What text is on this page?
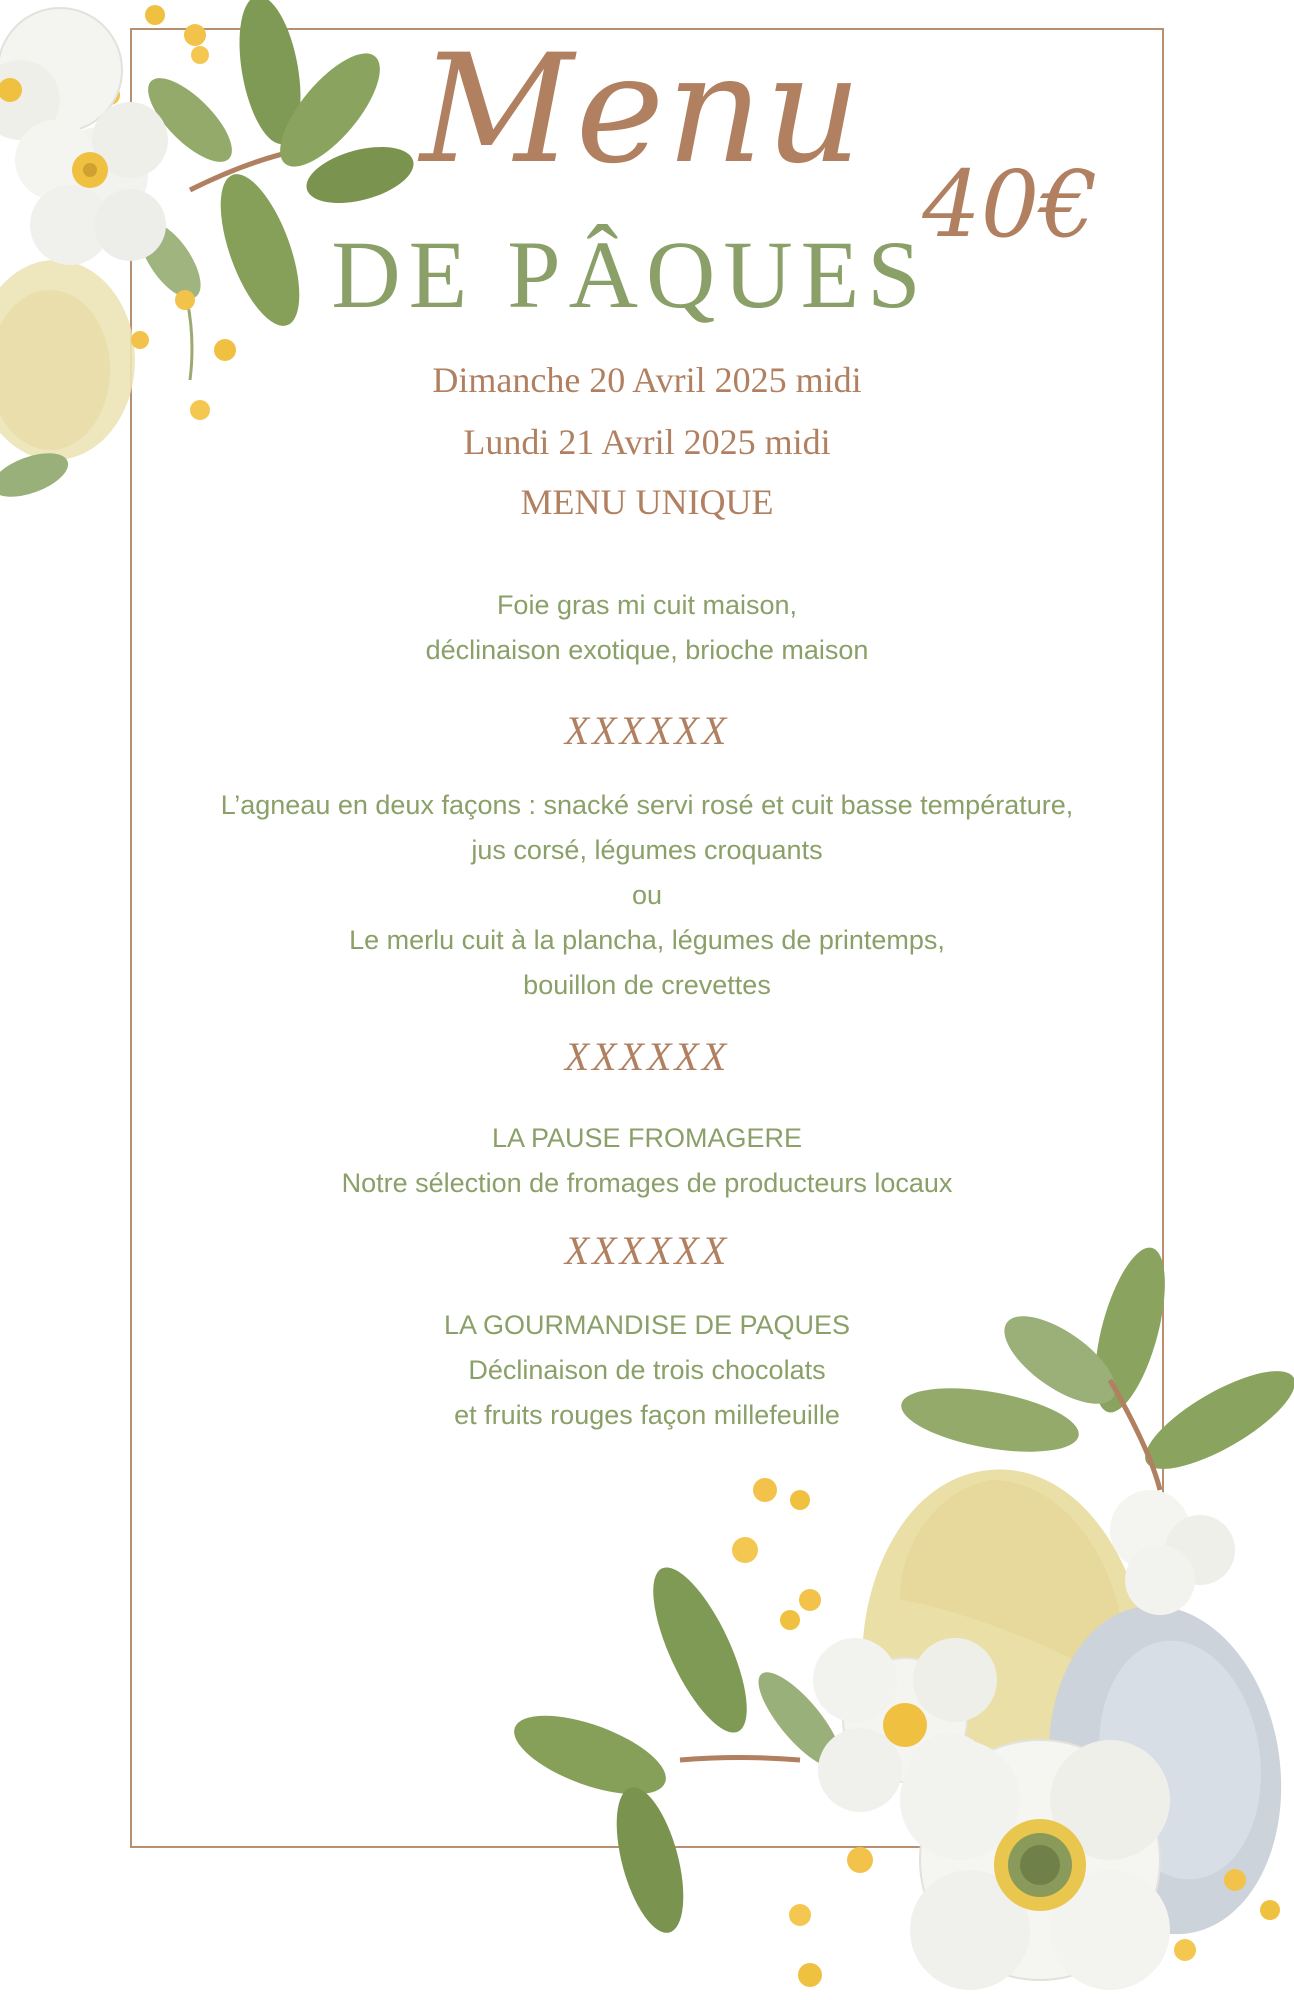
Menu
40€
DE PÂQUES
Dimanche 20 Avril 2025 midi
Lundi 21 Avril 2025 midi
MENU UNIQUE
Foie gras mi cuit maison,
déclinaison exotique, brioche maison
XXXXXX
L’agneau en deux façons : snacké servi rosé et cuit basse température,
jus corsé, légumes croquants
ou
Le merlu cuit à la plancha, légumes de printemps,
bouillon de crevettes
XXXXXX
LA PAUSE FROMAGERE
Notre sélection de fromages de producteurs locaux
XXXXXX
LA GOURMANDISE DE PAQUES
Déclinaison de trois chocolats
et fruits rouges façon millefeuille
